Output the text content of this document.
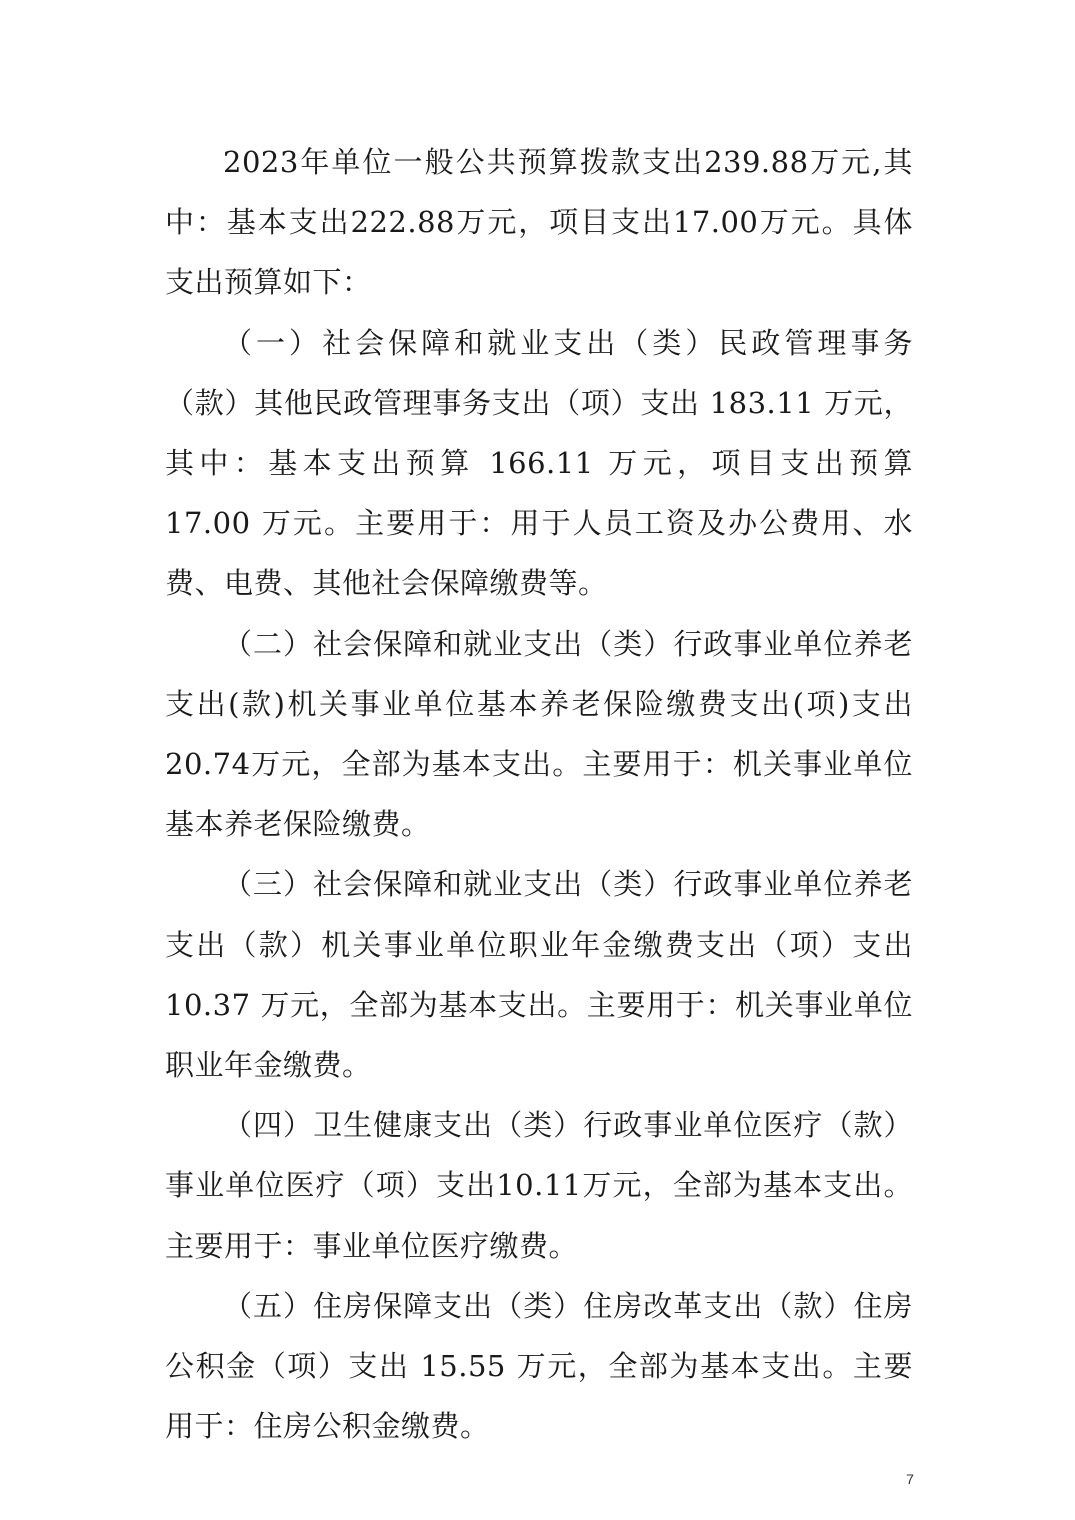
2023年单位一般公共预算拨款支出239.88万元,其中：基本支出222.88万元，项目支出17.00万元。具体支出预算如下：

（一）社会保障和就业支出（类）民政管理事务（款）其他民政管理事务支出（项）支出 183.11 万元，其中：基本支出预算 166.11 万元，项目支出预算 17.00 万元。主要用于：用于人员工资及办公费用、水费、电费、其他社会保障缴费等。

（二）社会保障和就业支出（类）行政事业单位养老支出(款)机关事业单位基本养老保险缴费支出(项)支出20.74万元，全部为基本支出。主要用于：机关事业单位基本养老保险缴费。

（三）社会保障和就业支出（类）行政事业单位养老支出（款）机关事业单位职业年金缴费支出（项）支出 10.37 万元，全部为基本支出。主要用于：机关事业单位职业年金缴费。

（四）卫生健康支出（类）行政事业单位医疗（款）事业单位医疗（项）支出10.11万元，全部为基本支出。主要用于：事业单位医疗缴费。

（五）住房保障支出（类）住房改革支出（款）住房公积金（项）支出 15.55 万元，全部为基本支出。主要用于：住房公积金缴费。

7
